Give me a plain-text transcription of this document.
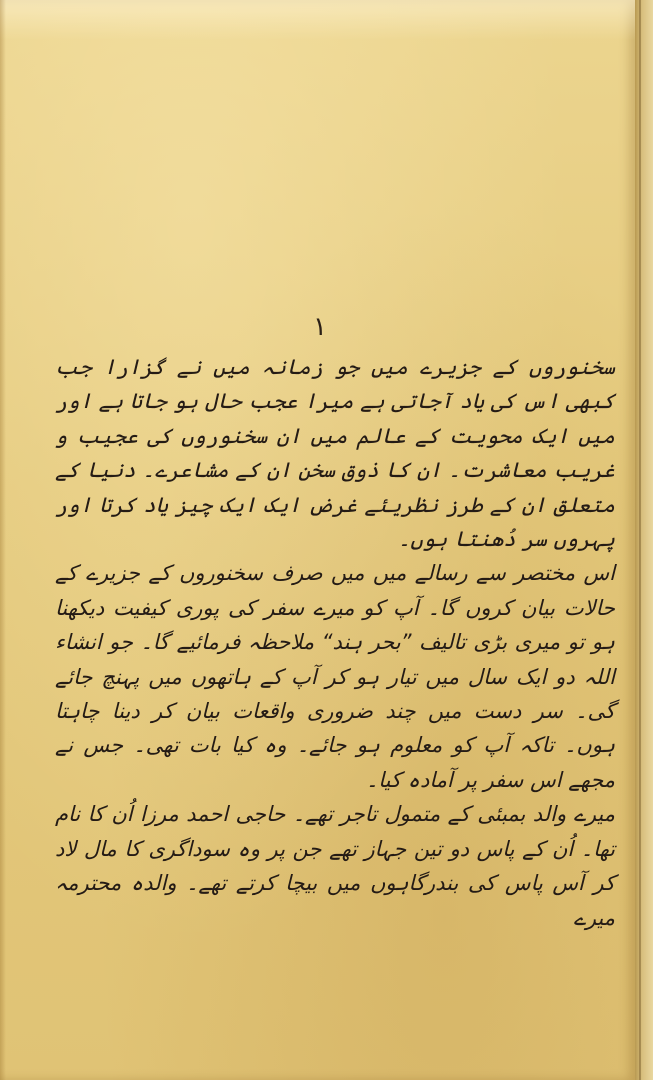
۱

سخنوروں کے جزیرے میں جو زمانہ میں نے گزارا جب کبھی اس کی یاد آجاتی ہے میرا عجب حال ہو جاتا ہے اور میں ایک محویت کے عالم میں ان سخنوروں کی عجیب و غریب معاشرت۔ ان کا ذوق سخن ان کے مشاعرے۔ دنیا کے متعلق ان کے طرز نظریئے غرض ایک ایک چیز یاد کرتا اور پہروں سر دُھنتا ہوں۔

اس مختصر سے رسالے میں میں صرف سخنوروں کے جزیرے کے حالات بیان کروں گا۔ آپ کو میرے سفر کی پوری کیفیت دیکھنا ہو تو میری بڑی تالیف ”بحر ہند“ ملاحظہ فرمائیے گا۔ جو انشاء اللہ دو ایک سال میں تیار ہو کر آپ کے ہاتھوں میں پہنچ جائے گی۔ سر دست میں چند ضروری واقعات بیان کر دینا چاہتا ہوں۔ تاکہ آپ کو معلوم ہو جائے۔ وہ کیا بات تھی۔ جس نے مجھے اس سفر پر آمادہ کیا۔

میرے والد بمبئی کے متمول تاجر تھے۔ حاجی احمد مرزا اُن کا نام تھا۔ اُن کے پاس دو تین جہاز تھے جن پر وہ سوداگری کا مال لاد کر آس پاس کی بندرگاہوں میں بیچا کرتے تھے۔ والدہ محترمہ میرے
